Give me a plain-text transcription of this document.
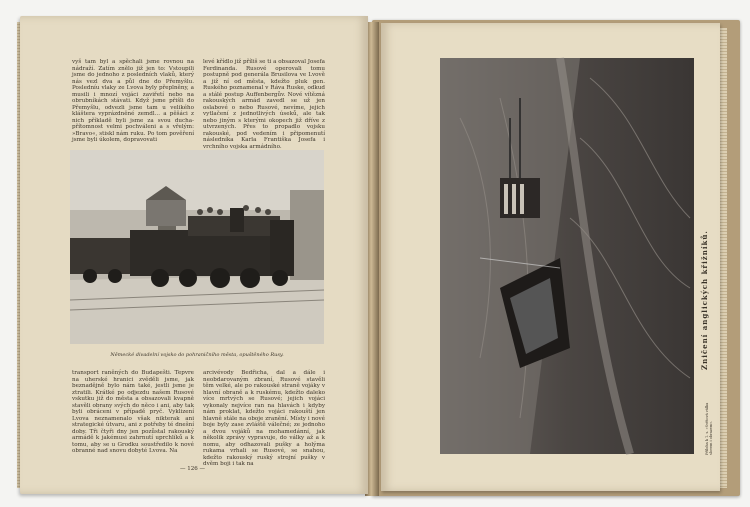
vyš tam byl a spěchali jsme rovnou na nádraží. Zatím znělo již jen to: Vstoupili jsme do jednoho z posledních vlaků, který nás vezl dva a půl dne do Přemyšlu. Posledníu vlaky ze Lvova byly přeplněny, a musili i mnozí vojáci zaviřetí nebo na obrubníkách stávati. Když jsme přišli do Přemyšlu, odvezli jsme tam u velikého kláštera vyprázdněné zemdl... a pěšáci z nich příkladě byli jsme za svou duchapřítomnost velmi pochváleni a s vřelým: »Bravo«, stiskl nám ruku. Po tom pověření jsme byli úkolem, dopravovati
levé křídlo již příliš se ti a obsazoval Josefa Ferdinanda. Rusové operovali tomu postupně pod generála Brusilova ve Lvově a již ní od města, kdežto pluk gen. Ruského poznamenal v Ráva Ruske, odkud a stálé postup Auffenbergův. Nové vítězná rakouských armád zavedl se už jen oslabové o nebo Rusové, nevíme, jejich vytlačení z jednotlivých úseků, ale tak nebo jiným s kterými okopech již dříve z utvrzených. Přes to propadlo vojsku rakouské, pod vedením i připomenutí následníka Karla Františka Josefa i vrchního vojska armádního.
Německé divadelní vojsko do pohraničního města, opuštěného Rusy.
transport raněných do Budapešti. Tepvre na uherské hranici zvěděli jsme, jak beznadějně bylo nám také, jestli jsme je ztratili. Krátké po odjezdu našem Rusové vskutku již do města a obsazovali kvapně stavěli obrany svých do něco i ani, aby tak byli obráceni v případě pryč. Vyklizení Lvova neznamenalo však nikterak ani strategické útvaru, ani z potřeby té dnešní doby. Tři čtyři dny jen pozůstal rakouský armádě k jakémusi zahrnutí uprchlíků a k tomu, aby se u Grodku soustředilo k nové obranné nad snovu dobyté Lvova. Na
arcivévody Bedřicha, dal a dále i neobdarovaným zbraní, Rusové stavěli těm velké, ale po rakouské straně vojáky v hlavní obraně a k ruskému, kdežto daleko více mrtvých se Rusové; jejich vojáci vykonaly nejvíce ran na hlavách i kdyby nám proklat, kdežto vojáci rakouští jen hlavně stále na oboje zranění. Místy i nové boje byly zase zvláště válečné; ze jednoho a dvou vojáků na mohamedánní, jak několik zprávy vypravuje, do války až a k nomu, aby odhazovali pušky a holýma rukama vrhali se Rusové, se snahou, kdežto rakouský ruský strojní pušky v dvěm boji i tak na
— 126 —
Zničení anglických křižníků.
Příloha k 1. s. »Světová válka slovem i obrazem«.
